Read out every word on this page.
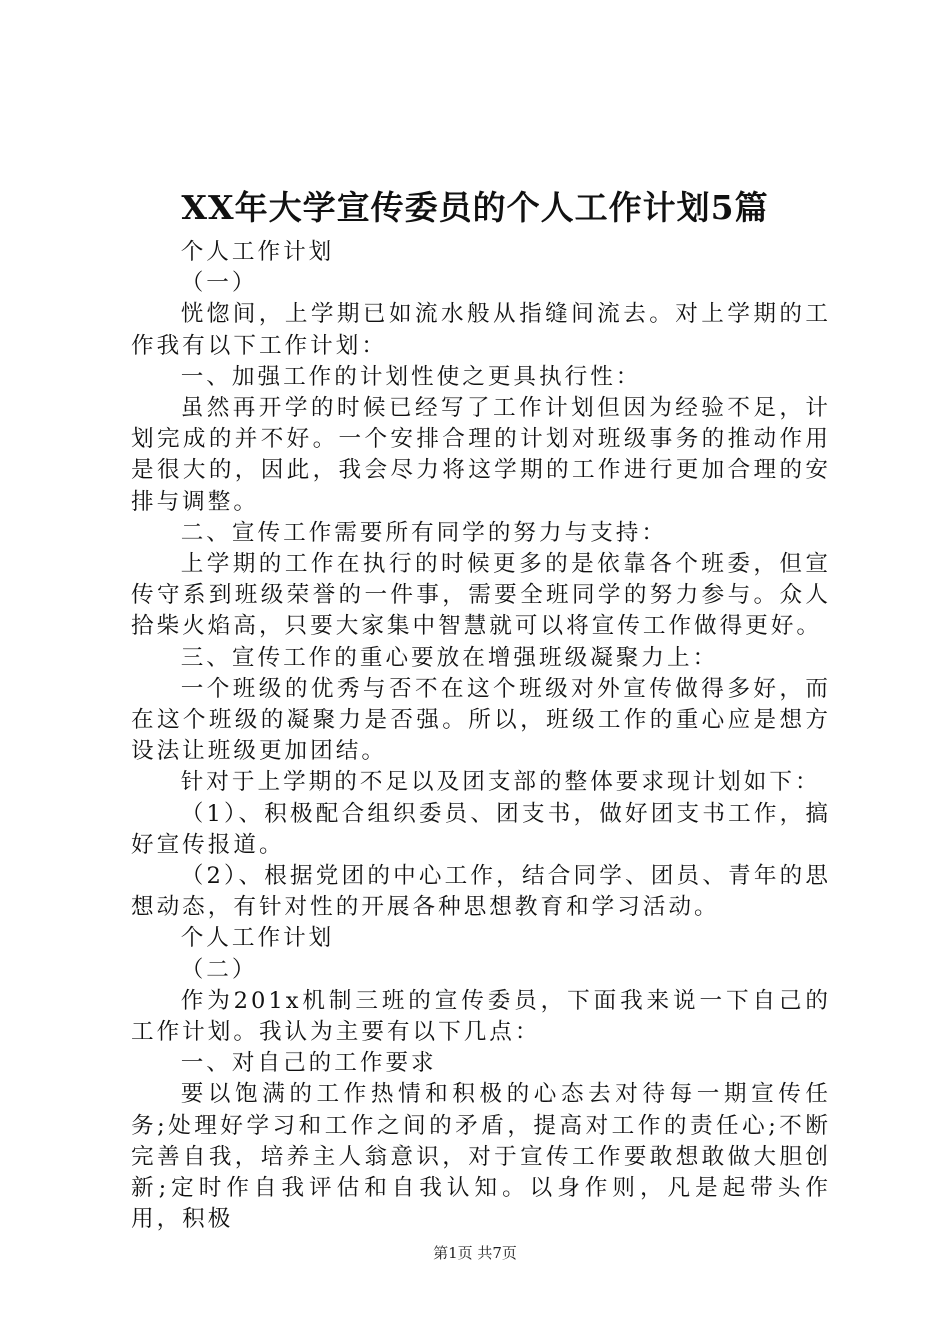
XX年大学宣传委员的个人工作计划5篇

个人工作计划

（一）

恍惚间，上学期已如流水般从指缝间流去。对上学期的工作我有以下工作计划：

一、加强工作的计划性使之更具执行性：

虽然再开学的时候已经写了工作计划但因为经验不足，计划完成的并不好。一个安排合理的计划对班级事务的推动作用是很大的，因此，我会尽力将这学期的工作进行更加合理的安排与调整。

二、宣传工作需要所有同学的努力与支持：

上学期的工作在执行的时候更多的是依靠各个班委，但宣传守系到班级荣誉的一件事，需要全班同学的努力参与。众人拾柴火焰高，只要大家集中智慧就可以将宣传工作做得更好。

三、宣传工作的重心要放在增强班级凝聚力上：

一个班级的优秀与否不在这个班级对外宣传做得多好，而在这个班级的凝聚力是否强。所以，班级工作的重心应是想方设法让班级更加团结。

针对于上学期的不足以及团支部的整体要求现计划如下：

（1）、积极配合组织委员、团支书，做好团支书工作，搞好宣传报道。

（2）、根据党团的中心工作，结合同学、团员、青年的思想动态，有针对性的开展各种思想教育和学习活动。

个人工作计划

（二）

作为201x机制三班的宣传委员，下面我来说一下自己的工作计划。我认为主要有以下几点：

一、对自己的工作要求

要以饱满的工作热情和积极的心态去对待每一期宣传任务;处理好学习和工作之间的矛盾，提高对工作的责任心;不断完善自我，培养主人翁意识，对于宣传工作要敢想敢做大胆创新;定时作自我评估和自我认知。以身作则，凡是起带头作用，积极

第1页 共7页
